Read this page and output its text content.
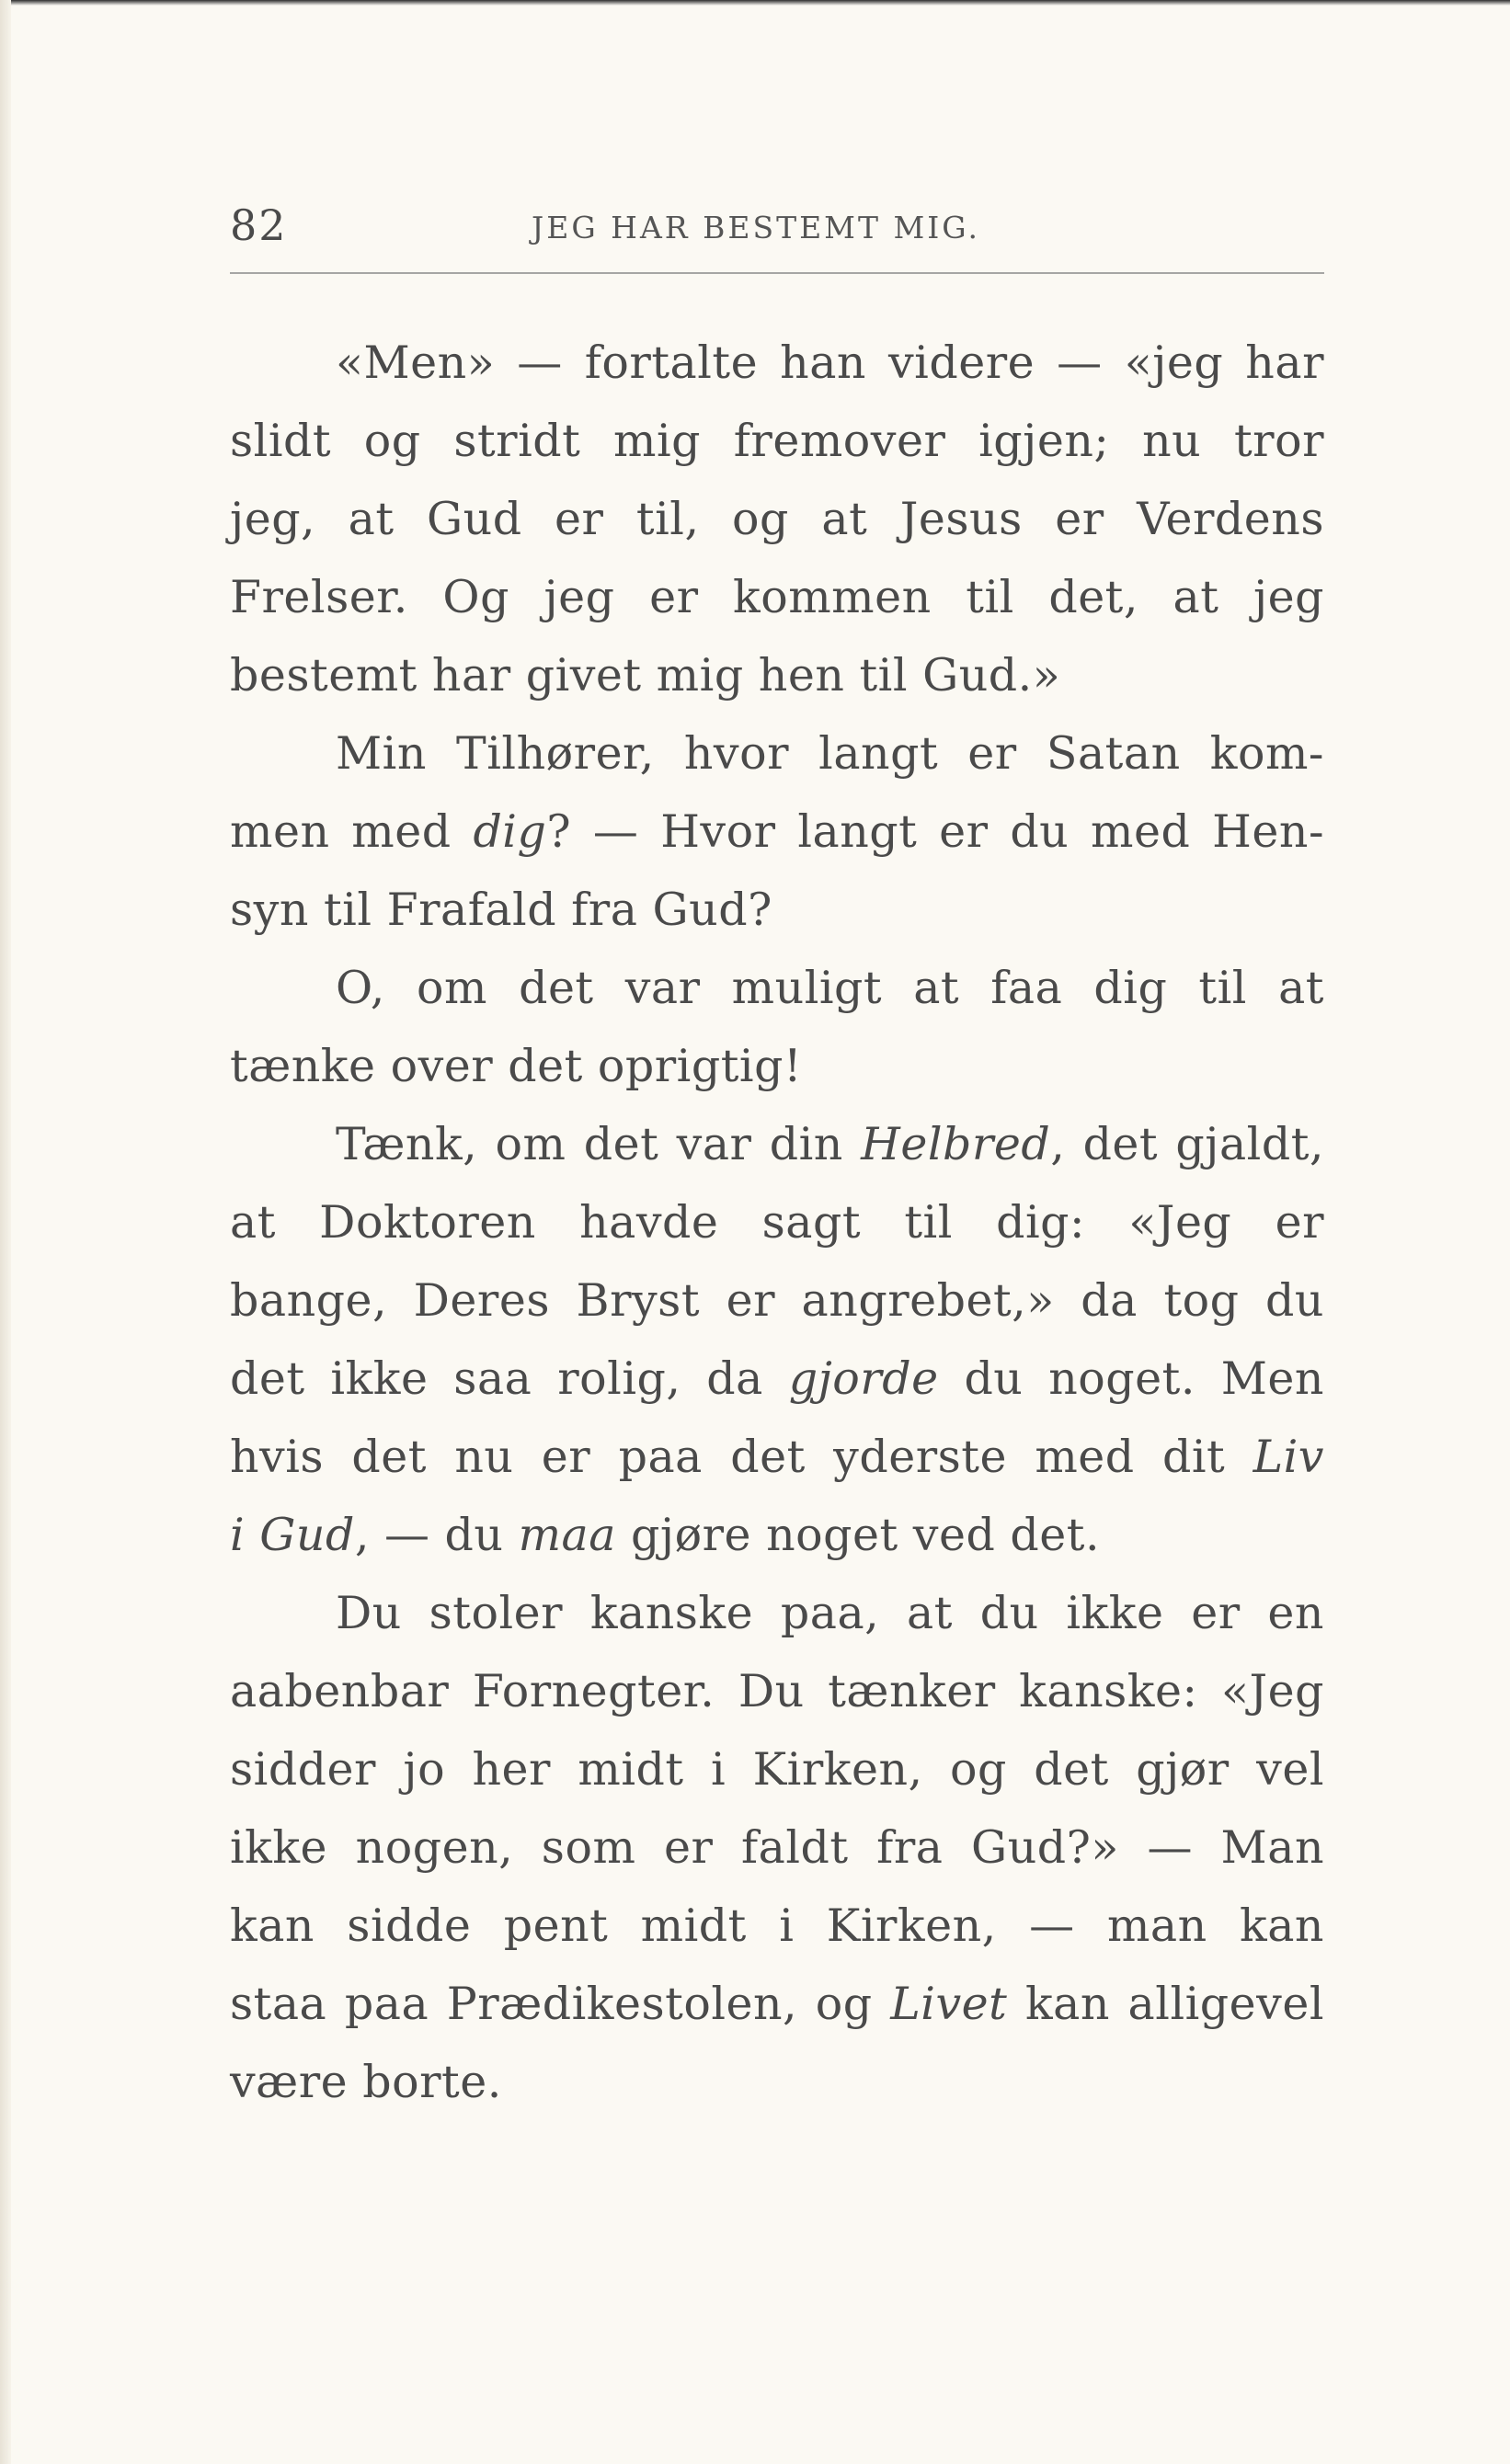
82	JEG HAR BESTEMT MIG.
«Men» — fortalte han videre — «jeg har
slidt og stridt mig fremover igjen; nu tror
jeg, at Gud er til, og at Jesus er Verdens
Frelser. Og jeg er kommen til det, at jeg
bestemt har givet mig hen til Gud.»
Min Tilhører, hvor langt er Satan kom-
men med dig? — Hvor langt er du med Hen-
syn til Frafald fra Gud?
O, om det var muligt at faa dig til at
tænke over det oprigtig!
Tænk, om det var din Helbred, det gjaldt,
at Doktoren havde sagt til dig: «Jeg er
bange, Deres Bryst er angrebet,» da tog du
det ikke saa rolig, da gjorde du noget. Men
hvis det nu er paa det yderste med dit Liv
i Gud, — du maa gjøre noget ved det.
Du stoler kanske paa, at du ikke er en
aabenbar Fornegter. Du tænker kanske: «Jeg
sidder jo her midt i Kirken, og det gjør vel
ikke nogen, som er faldt fra Gud?» — Man
kan sidde pent midt i Kirken, — man kan
staa paa Prædikestolen, og Livet kan alligevel
være borte.
